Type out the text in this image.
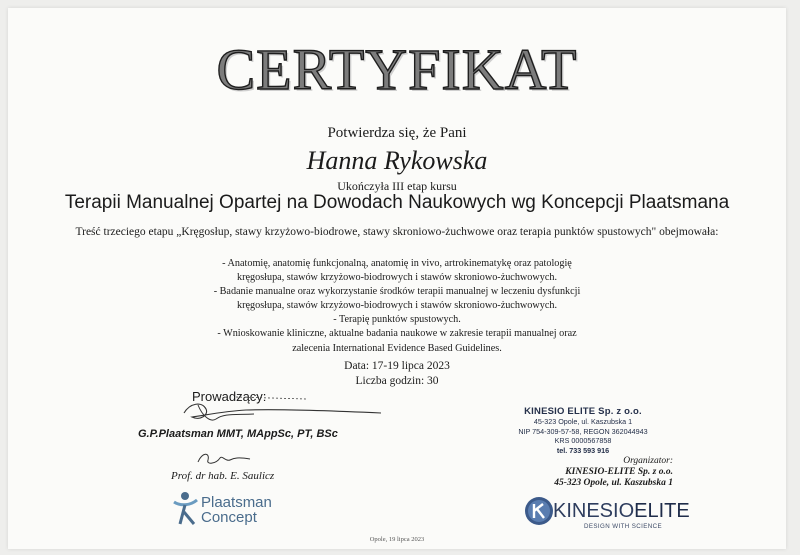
CERTYFIKAT
Potwierdza się, że Pani
Hanna Rykowska
Ukończyła III etap kursu
Terapii Manualnej Opartej na Dowodach Naukowych wg Koncepcji Plaatsmana
Treść trzeciego etapu „Kręgosłup, stawy krzyżowo-biodrowe, stawy skroniowo-żuchwowe oraz terapia punktów spustowych" obejmowała:
- Anatomię, anatomię funkcjonalną, anatomię in vivo, artrokinematykę oraz patologię
kręgosłupa, stawów krzyżowo-biodrowych i stawów skroniowo-żuchwowych.
- Badanie manualne oraz wykorzystanie środków terapii manualnej w leczeniu dysfunkcji
kręgosłupa, stawów krzyżowo-biodrowych i stawów skroniowo-żuchwowych.
- Terapię punktów spustowych.
- Wnioskowanie kliniczne, aktualne badania naukowe w zakresie terapii manualnej oraz
zalecenia International Evidence Based Guidelines.
Data: 17-19 lipca 2023
Liczba godzin: 30
Prowadzący:
G.P.Plaatsman MMT, MAppSc, PT, BSc
Prof. dr hab. E. Saulicz
Plaatsman
Concept
KINESIO ELITE Sp. z o.o.
45-323 Opole, ul. Kaszubska 1
NIP 754-309-57-58, REGON 362044943
KRS 0000567858
tel. 733 593 916
Organizator:
KINESIO-ELITE Sp. z o.o.
45-323 Opole, ul. Kaszubska 1
KINESIOELITE
DESIGN WITH SCIENCE
Opole, 19 lipca 2023
